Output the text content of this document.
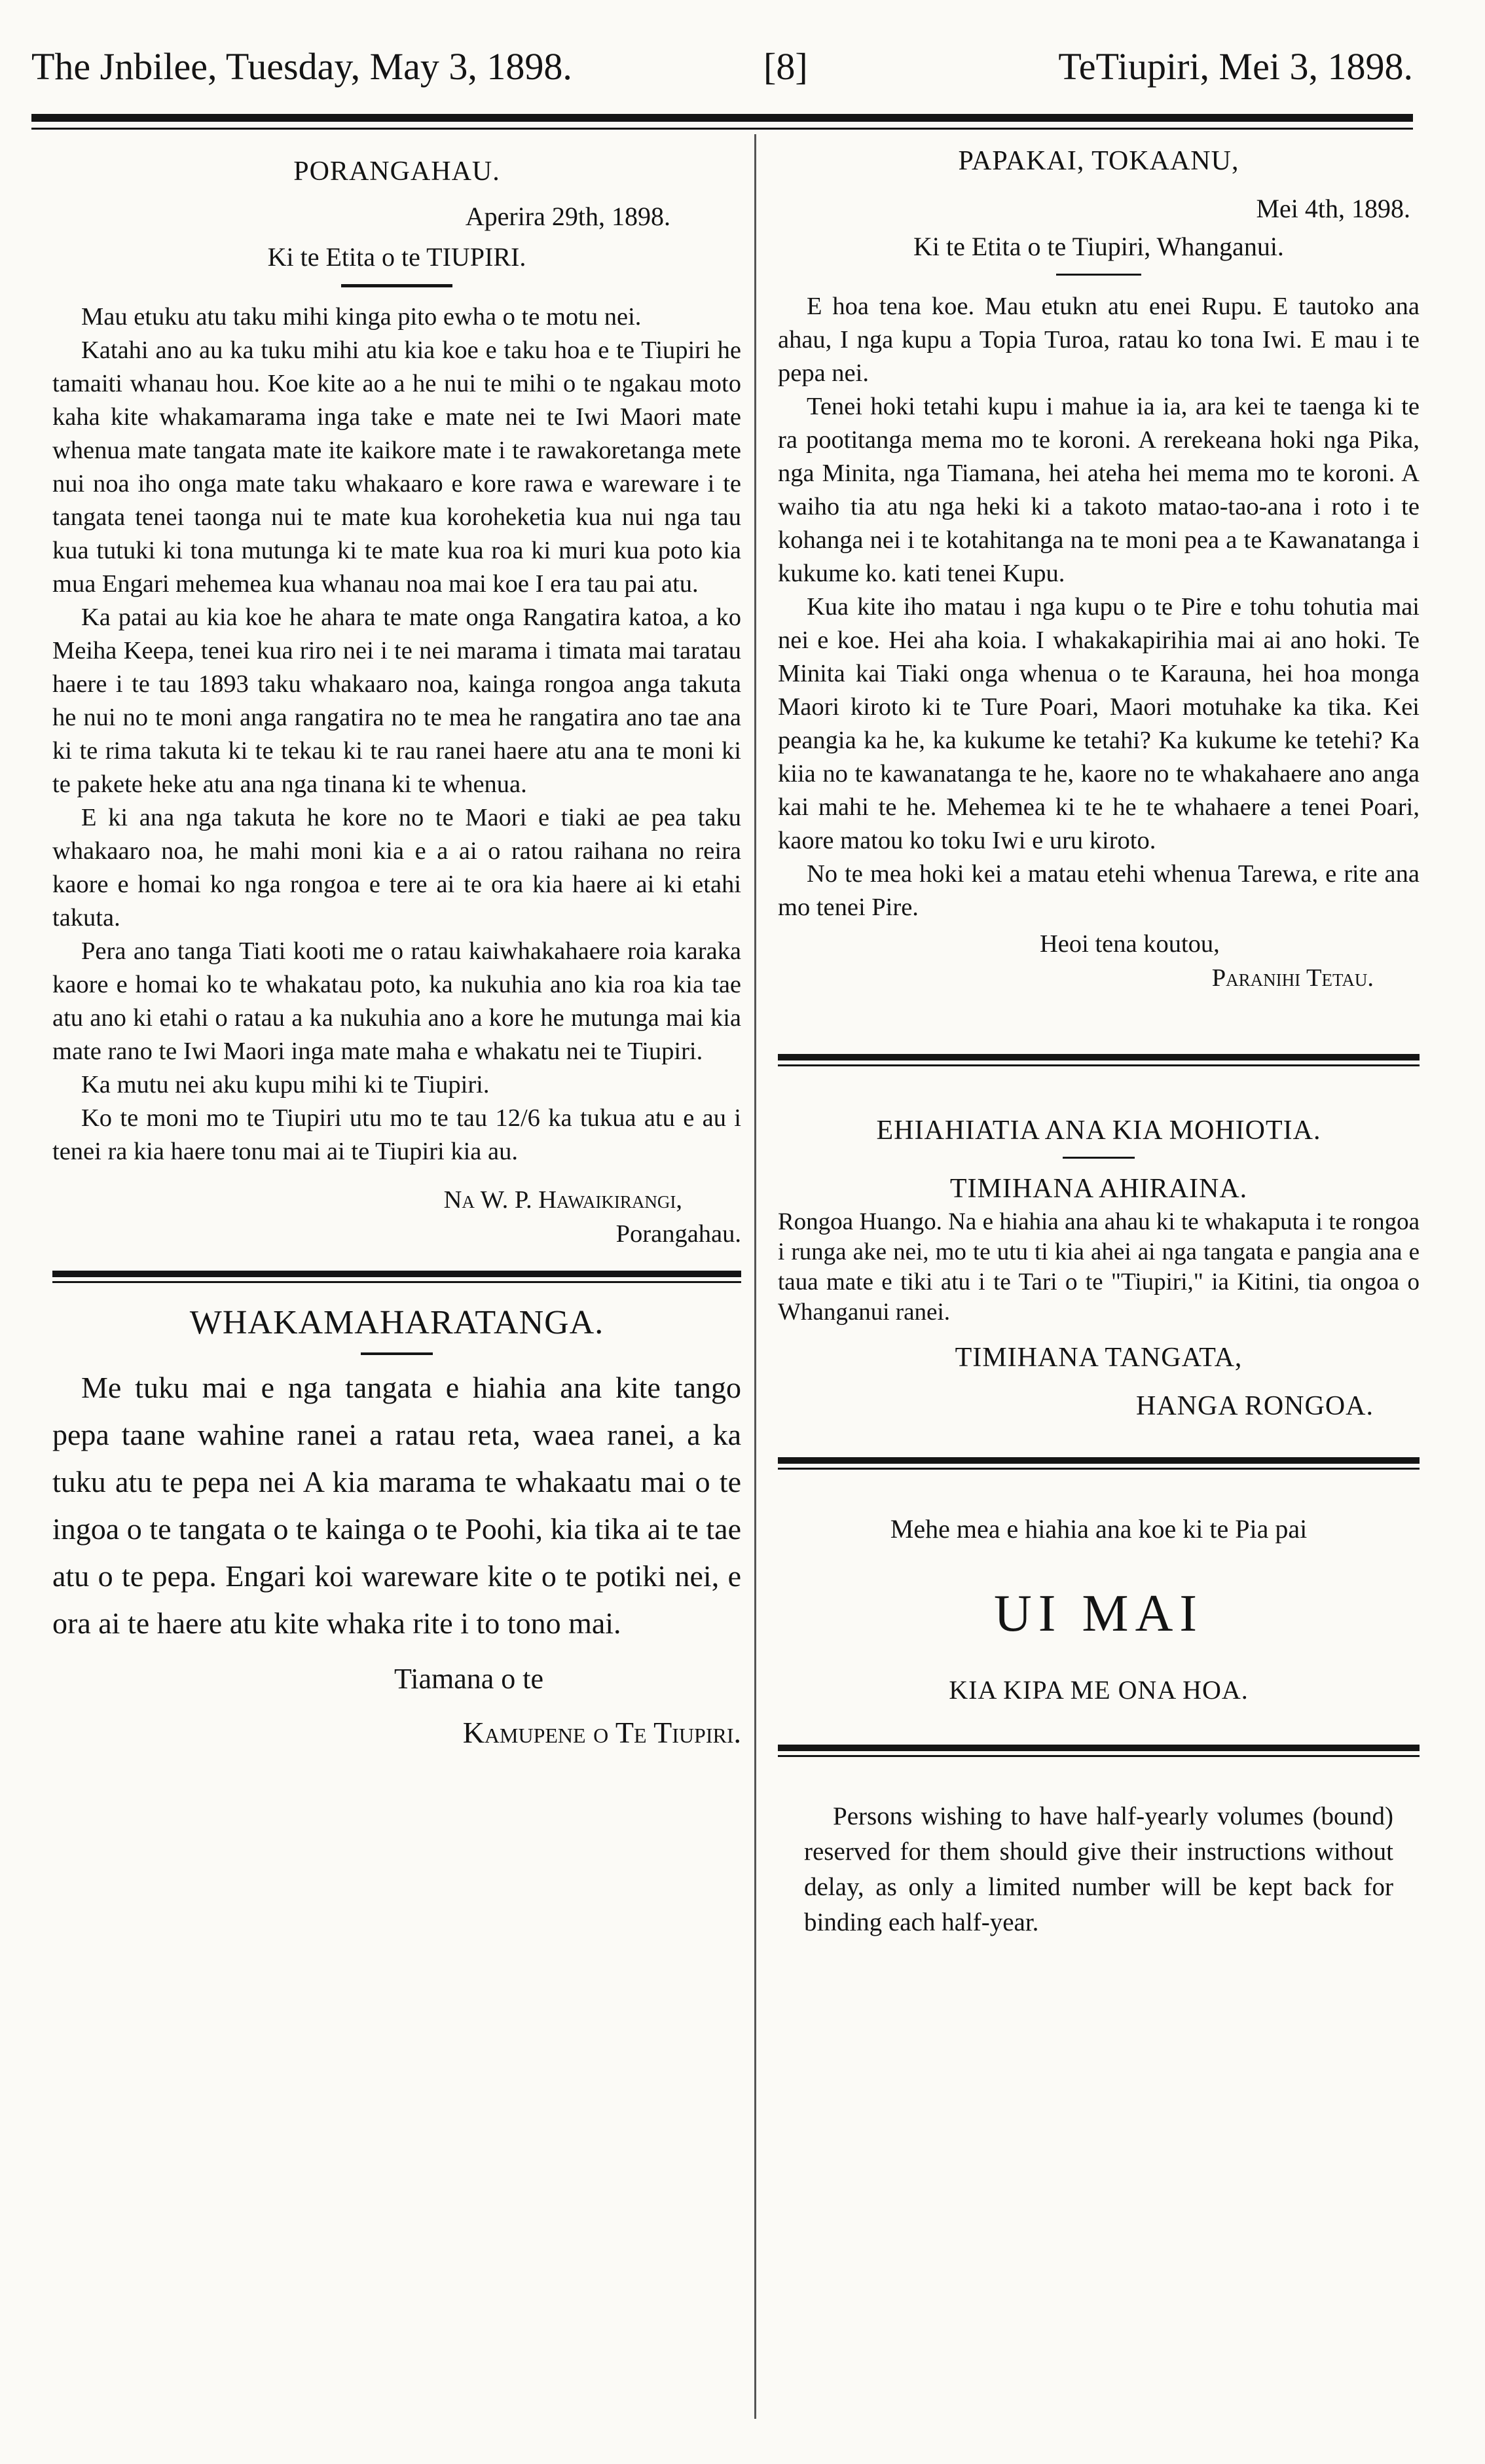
The Jnbilee, Tuesday, May 3, 1898.	[8]	TeTiupiri, Mei 3, 1898.

PORANGAHAU.

Aperira 29th, 1898.

Ki te Etita o te TIUPIRI.

Mau etuku atu taku mihi kinga pito ewha o te motu nei.

Katahi ano au ka tuku mihi atu kia koe e taku hoa e te Tiupiri he tamaiti whanau hou. Koe kite ao a he nui te mihi o te ngakau moto kaha kite whakamarama inga take e mate nei te Iwi Maori mate whenua mate tangata mate ite kaikore mate i te rawakoretanga mete nui noa iho onga mate taku whakaaro e kore rawa e wareware i te tangata tenei taonga nui te mate kua koroheketia kua nui nga tau kua tutuki ki tona mutunga ki te mate kua roa ki muri kua poto kia mua Engari mehemea kua whanau noa mai koe I era tau pai atu.

Ka patai au kia koe he ahara te mate onga Rangatira katoa, a ko Meiha Keepa, tenei kua riro nei i te nei marama i timata mai taratau haere i te tau 1893 taku whakaaro noa, kainga rongoa anga takuta he nui no te moni anga rangatira no te mea he rangatira ano tae ana ki te rima takuta ki te tekau ki te rau ranei haere atu ana te moni ki te pakete heke atu ana nga tinana ki te whenua.

E ki ana nga takuta he kore no te Maori e tiaki ae pea taku whakaaro noa, he mahi moni kia e a ai o ratou raihana no reira kaore e homai ko nga rongoa e tere ai te ora kia haere ai ki etahi takuta.

Pera ano tanga Tiati kooti me o ratau kaiwhakahaere roia karaka kaore e homai ko te whakatau poto, ka nukuhia ano kia roa kia tae atu ano ki etahi o ratau a ka nukuhia ano a kore he mutunga mai kia mate rano te Iwi Maori inga mate maha e whakatu nei te Tiupiri.

Ka mutu nei aku kupu mihi ki te Tiupiri.

Ko te moni mo te Tiupiri utu mo te tau 12/6 ka tukua atu e au i tenei ra kia haere tonu mai ai te Tiupiri kia au.

Na W. P. Hawaikirangi,

Porangahau.

WHAKAMAHARATANGA.

Me tuku mai e nga tangata e hiahia ana kite tango pepa taane wahine ranei a ratau reta, waea ranei, a ka tuku atu te pepa nei A kia marama te whakaatu mai o te ingoa o te tangata o te kainga o te Poohi, kia tika ai te tae atu o te pepa. Engari koi wareware kite o te potiki nei, e ora ai te haere atu kite whaka rite i to tono mai.

Tiamana o te

Kamupene o Te Tiupiri.

PAPAKAI, TOKAANU,

Mei 4th, 1898.

Ki te Etita o te Tiupiri, Whanganui.

E hoa tena koe. Mau etukn atu enei Rupu. E tautoko ana ahau, I nga kupu a Topia Turoa, ratau ko tona Iwi. E mau i te pepa nei.

Tenei hoki tetahi kupu i mahue ia ia, ara kei te taenga ki te ra pootitanga mema mo te koroni. A rerekeana hoki nga Pika, nga Minita, nga Tiamana, hei ateha hei mema mo te koroni. A waiho tia atu nga heki ki a takoto matao-tao-ana i roto i te kohanga nei i te kotahitanga na te moni pea a te Kawanatanga i kukume ko. kati tenei Kupu.

Kua kite iho matau i nga kupu o te Pire e tohu tohutia mai nei e koe. Hei aha koia. I whakakapirihia mai ai ano hoki. Te Minita kai Tiaki onga whenua o te Karauna, hei hoa monga Maori kiroto ki te Ture Poari, Maori motuhake ka tika. Kei peangia ka he, ka kukume ke tetahi? Ka kukume ke tetehi? Ka kiia no te kawanatanga te he, kaore no te whakahaere ano anga kai mahi te he. Mehemea ki te he te whahaere a tenei Poari, kaore matou ko toku Iwi e uru kiroto.

No te mea hoki kei a matau etehi whenua Tarewa, e rite ana mo tenei Pire.

Heoi tena koutou,

Paranihi Tetau.

EHIAHIATIA ANA KIA MOHIOTIA.

TIMIHANA AHIRAINA.

Rongoa Huango. Na e hiahia ana ahau ki te whakaputa i te rongoa i runga ake nei, mo te utu ti kia ahei ai nga tangata e pangia ana e taua mate e tiki atu i te Tari o te "Tiupiri," ia Kitini, tia ongoa o Whanganui ranei.

TIMIHANA TANGATA,

HANGA RONGOA.

Mehe mea e hiahia ana koe ki te Pia pai

UI MAI

KIA KIPA ME ONA HOA.

Persons wishing to have half-yearly volumes (bound) reserved for them should give their instructions without delay, as only a limited number will be kept back for binding each half-year.
